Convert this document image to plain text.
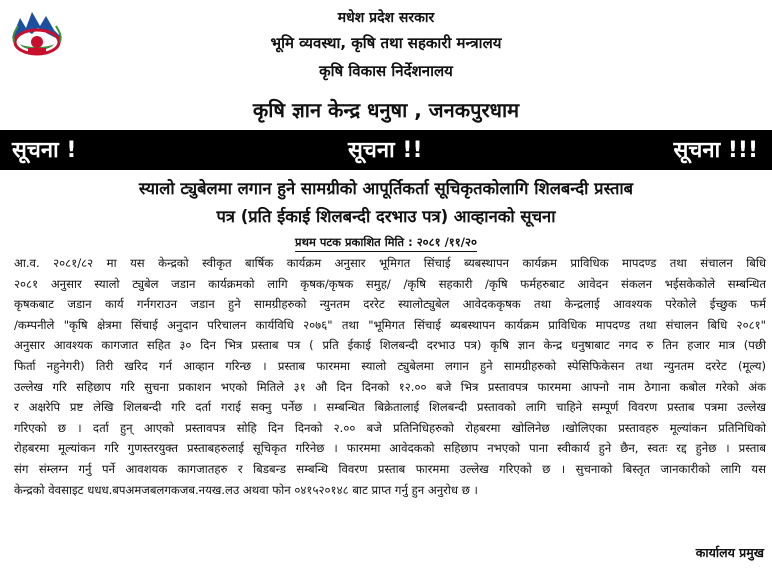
मधेश प्रदेश सरकार
भूमि व्यवस्था, कृषि तथा सहकारी मन्त्रालय
कृषि विकास निर्देशनालय
कृषि ज्ञान केन्द्र धनुषा , जनकपुरधाम
सूचना !	सूचना !!	सूचना !!!
स्यालो ट्युबेलमा लगान हुने सामग्रीको आपूर्तिकर्ता सूचिकृतकोलागि शिलबन्दी प्रस्ताब
पत्र (प्रति ईकाई शिलबन्दी दरभाउ पत्र) आव्हानको सूचना
प्रथम पटक प्रकाशित मिति : २०८१ /११/२०
आ.व. २०८१/८२ मा यस केन्द्रको स्वीकृत बार्षिक कार्यक्रम अनुसार भूमिगत सिंचाई ब्यबस्थापन कार्यक्रम प्राविधिक मापदण्ड तथा संचालन बिधि
२०८१ अनुसार स्यालो ट्युबेल जडान कार्यक्रमको लागि कृषक/कृषक समुह/ /कृषि सहकारी /कृषि फर्महरुबाट आवेदन संकलन भईसकेकोले सम्बन्धित
कृषकबाट जडान कार्य गर्नगराउन जडान हुने सामग्रीहरुको न्युनतम दररेट स्यालोट्युबेल आवेदककृषक तथा केन्द्रलाई आवश्यक परेकोले ईच्छुक फर्म
/कम्पनीले "कृषि क्षेत्रमा सिंचाई अनुदान परिचालन कार्यविधि २०७६" तथा "भूमिगत सिंचाई ब्यबस्थापन कार्यक्रम प्राविधिक मापदण्ड तथा संचालन बिधि २०८१"
अनुसार आवश्यक कागजात सहित ३० दिन भित्र प्रस्ताब पत्र ( प्रति ईकाई शिलबन्दी दरभाउ पत्र) कृषि ज्ञान केन्द्र धनुषाबाट नगद रु तिन हजार मात्र (पछी
फिर्ता नहुनेगरी) तिरी खरिद गर्न आव्हान गरिन्छ । प्रस्ताब फारममा स्यालो ट्युबेलमा लगान हुने सामग्रीहरुको स्पेसिफिकेसन तथा न्युनतम दररेट (मूल्य)
उल्लेख गरि सहिछाप गरि सुचना प्रकाशन भएको मितिले ३१ औ दिन दिनको १२.०० बजे भित्र प्रस्तावपत्र फारममा आफ्नो नाम ठेगाना कबोल गरेको अंक
र अक्षरेपि प्रष्ट लेखि शिलबन्दी गरि दर्ता गराई सक्नु पर्नेछ । सम्बन्धित बिक्रेतालाई शिलबन्दी प्रस्तावको लागि चाहिने सम्पूर्ण विवरण प्रस्ताब पत्रमा उल्लेख
गरिएको छ । दर्ता हुन् आएको प्रस्तावपत्र सोहि दिन दिनको २.०० बजे प्रतिनिधिहरुको रोहबरमा खोलिनेछ ।खोलिएका प्रस्तावहरु मूल्यांकन प्रतिनिधिको
रोहबरमा मूल्यांकन गरि गुणस्तरयुक्त प्रस्ताबहरुलाई सूचिकृत गरिनेछ । फारममा आवेदकको सहिछाप नभएको पाना स्वीकार्य हुने छैन, स्वतः रद्द हुनेछ । प्रस्ताब
संग संम्लग्न गर्नु पर्ने आवशयक कागजातहरु र बिडबन्ड सम्बन्धि विवरण प्रस्ताब फारममा उल्लेख गरिएको छ । सुचनाको बिस्तृत जानकारीको लागि यस
केन्द्रको वेवसाइट धधध.बपअमजबलगकजब.नयख.लउ अथवा फोन ०४१५२०१४८ बाट प्राप्त गर्नु हुन अनुरोध छ ।
कार्यालय प्रमुख
